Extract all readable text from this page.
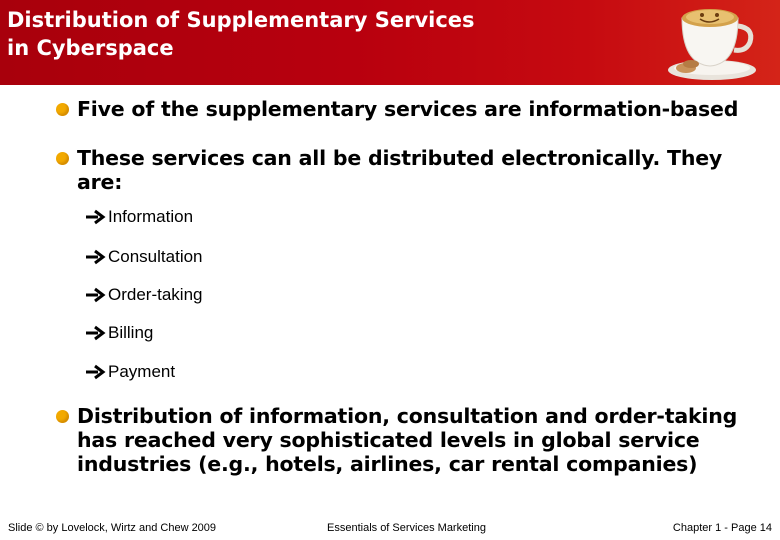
Distribution of Supplementary Services
in Cyberspace
Five of the supplementary services are information-based
These services can all be distributed electronically. They
are:
Information
Consultation
Order-taking
Billing
Payment
Distribution of information, consultation and order-taking
has reached very sophisticated levels in global service
industries (e.g., hotels, airlines, car rental companies)
Slide © by Lovelock, Wirtz and Chew 2009	Essentials of Services Marketing	Chapter 1 - Page 14
